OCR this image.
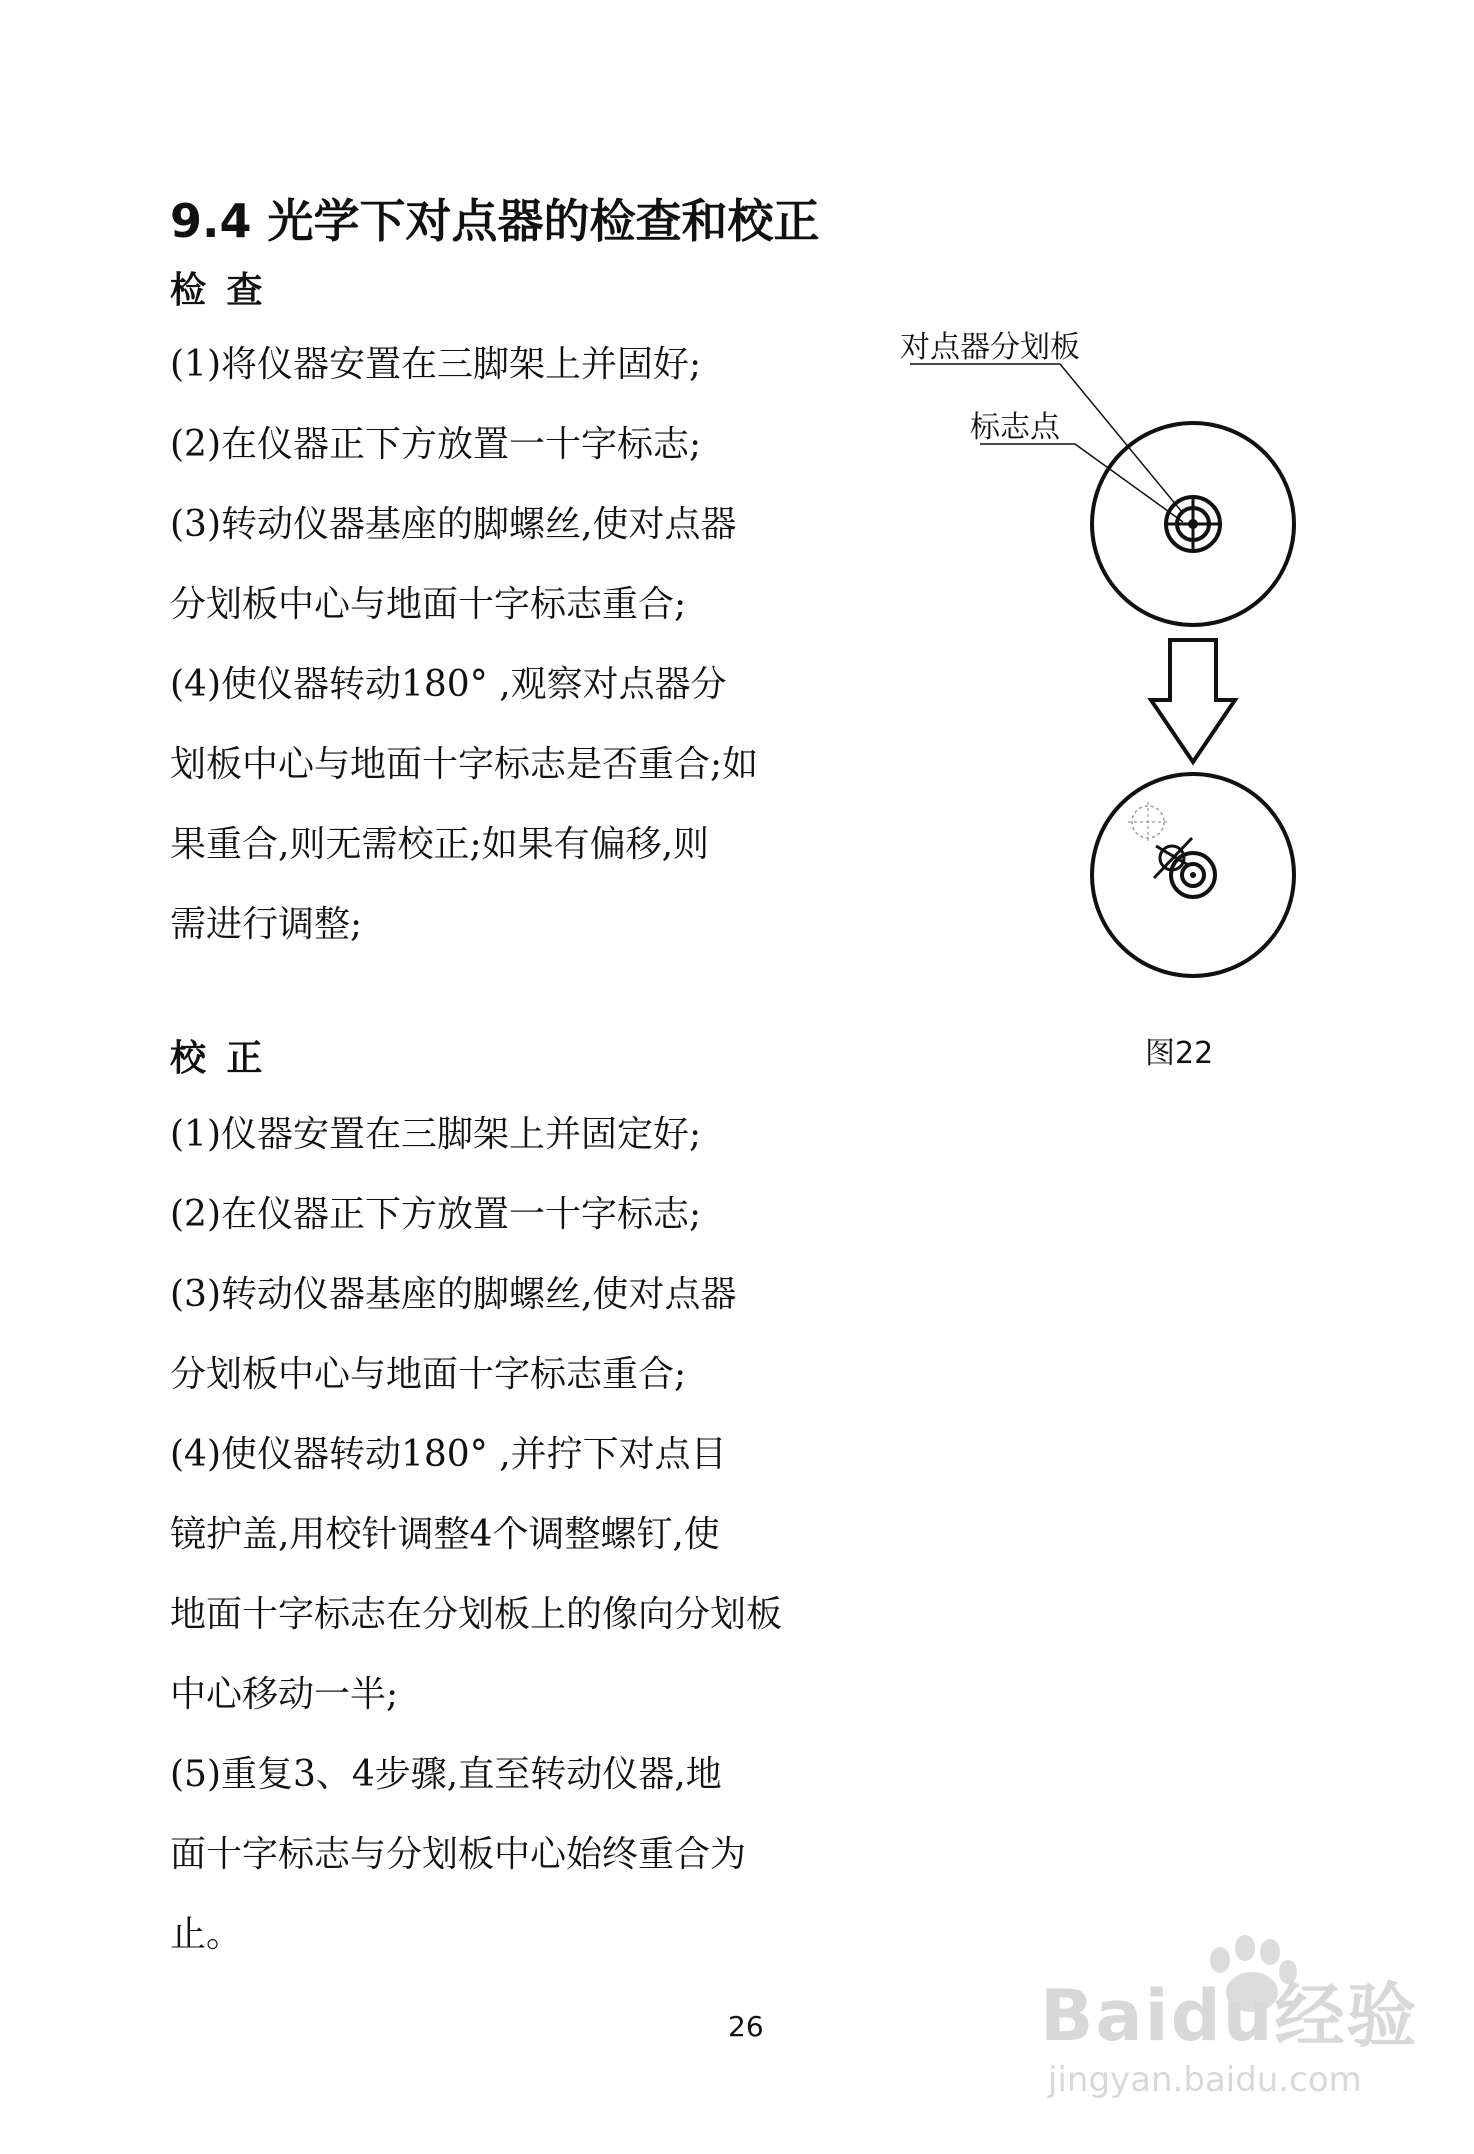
9.4 光学下对点器的检查和校正
检 查
(1)将仪器安置在三脚架上并固好;
(2)在仪器正下方放置一十字标志;
(3)转动仪器基座的脚螺丝,使对点器
分划板中心与地面十字标志重合;
(4)使仪器转动180° ,观察对点器分
划板中心与地面十字标志是否重合;如
果重合,则无需校正;如果有偏移,则
需进行调整;
校 正
(1)仪器安置在三脚架上并固定好;
(2)在仪器正下方放置一十字标志;
(3)转动仪器基座的脚螺丝,使对点器
分划板中心与地面十字标志重合;
(4)使仪器转动180° ,并拧下对点目
镜护盖,用校针调整4个调整螺钉,使
地面十字标志在分划板上的像向分划板
中心移动一半;
(5)重复3、4步骤,直至转动仪器,地
面十字标志与分划板中心始终重合为
止。
对点器分划板
标志点
图22
26	Baidu经验
jingyan.baidu.com
